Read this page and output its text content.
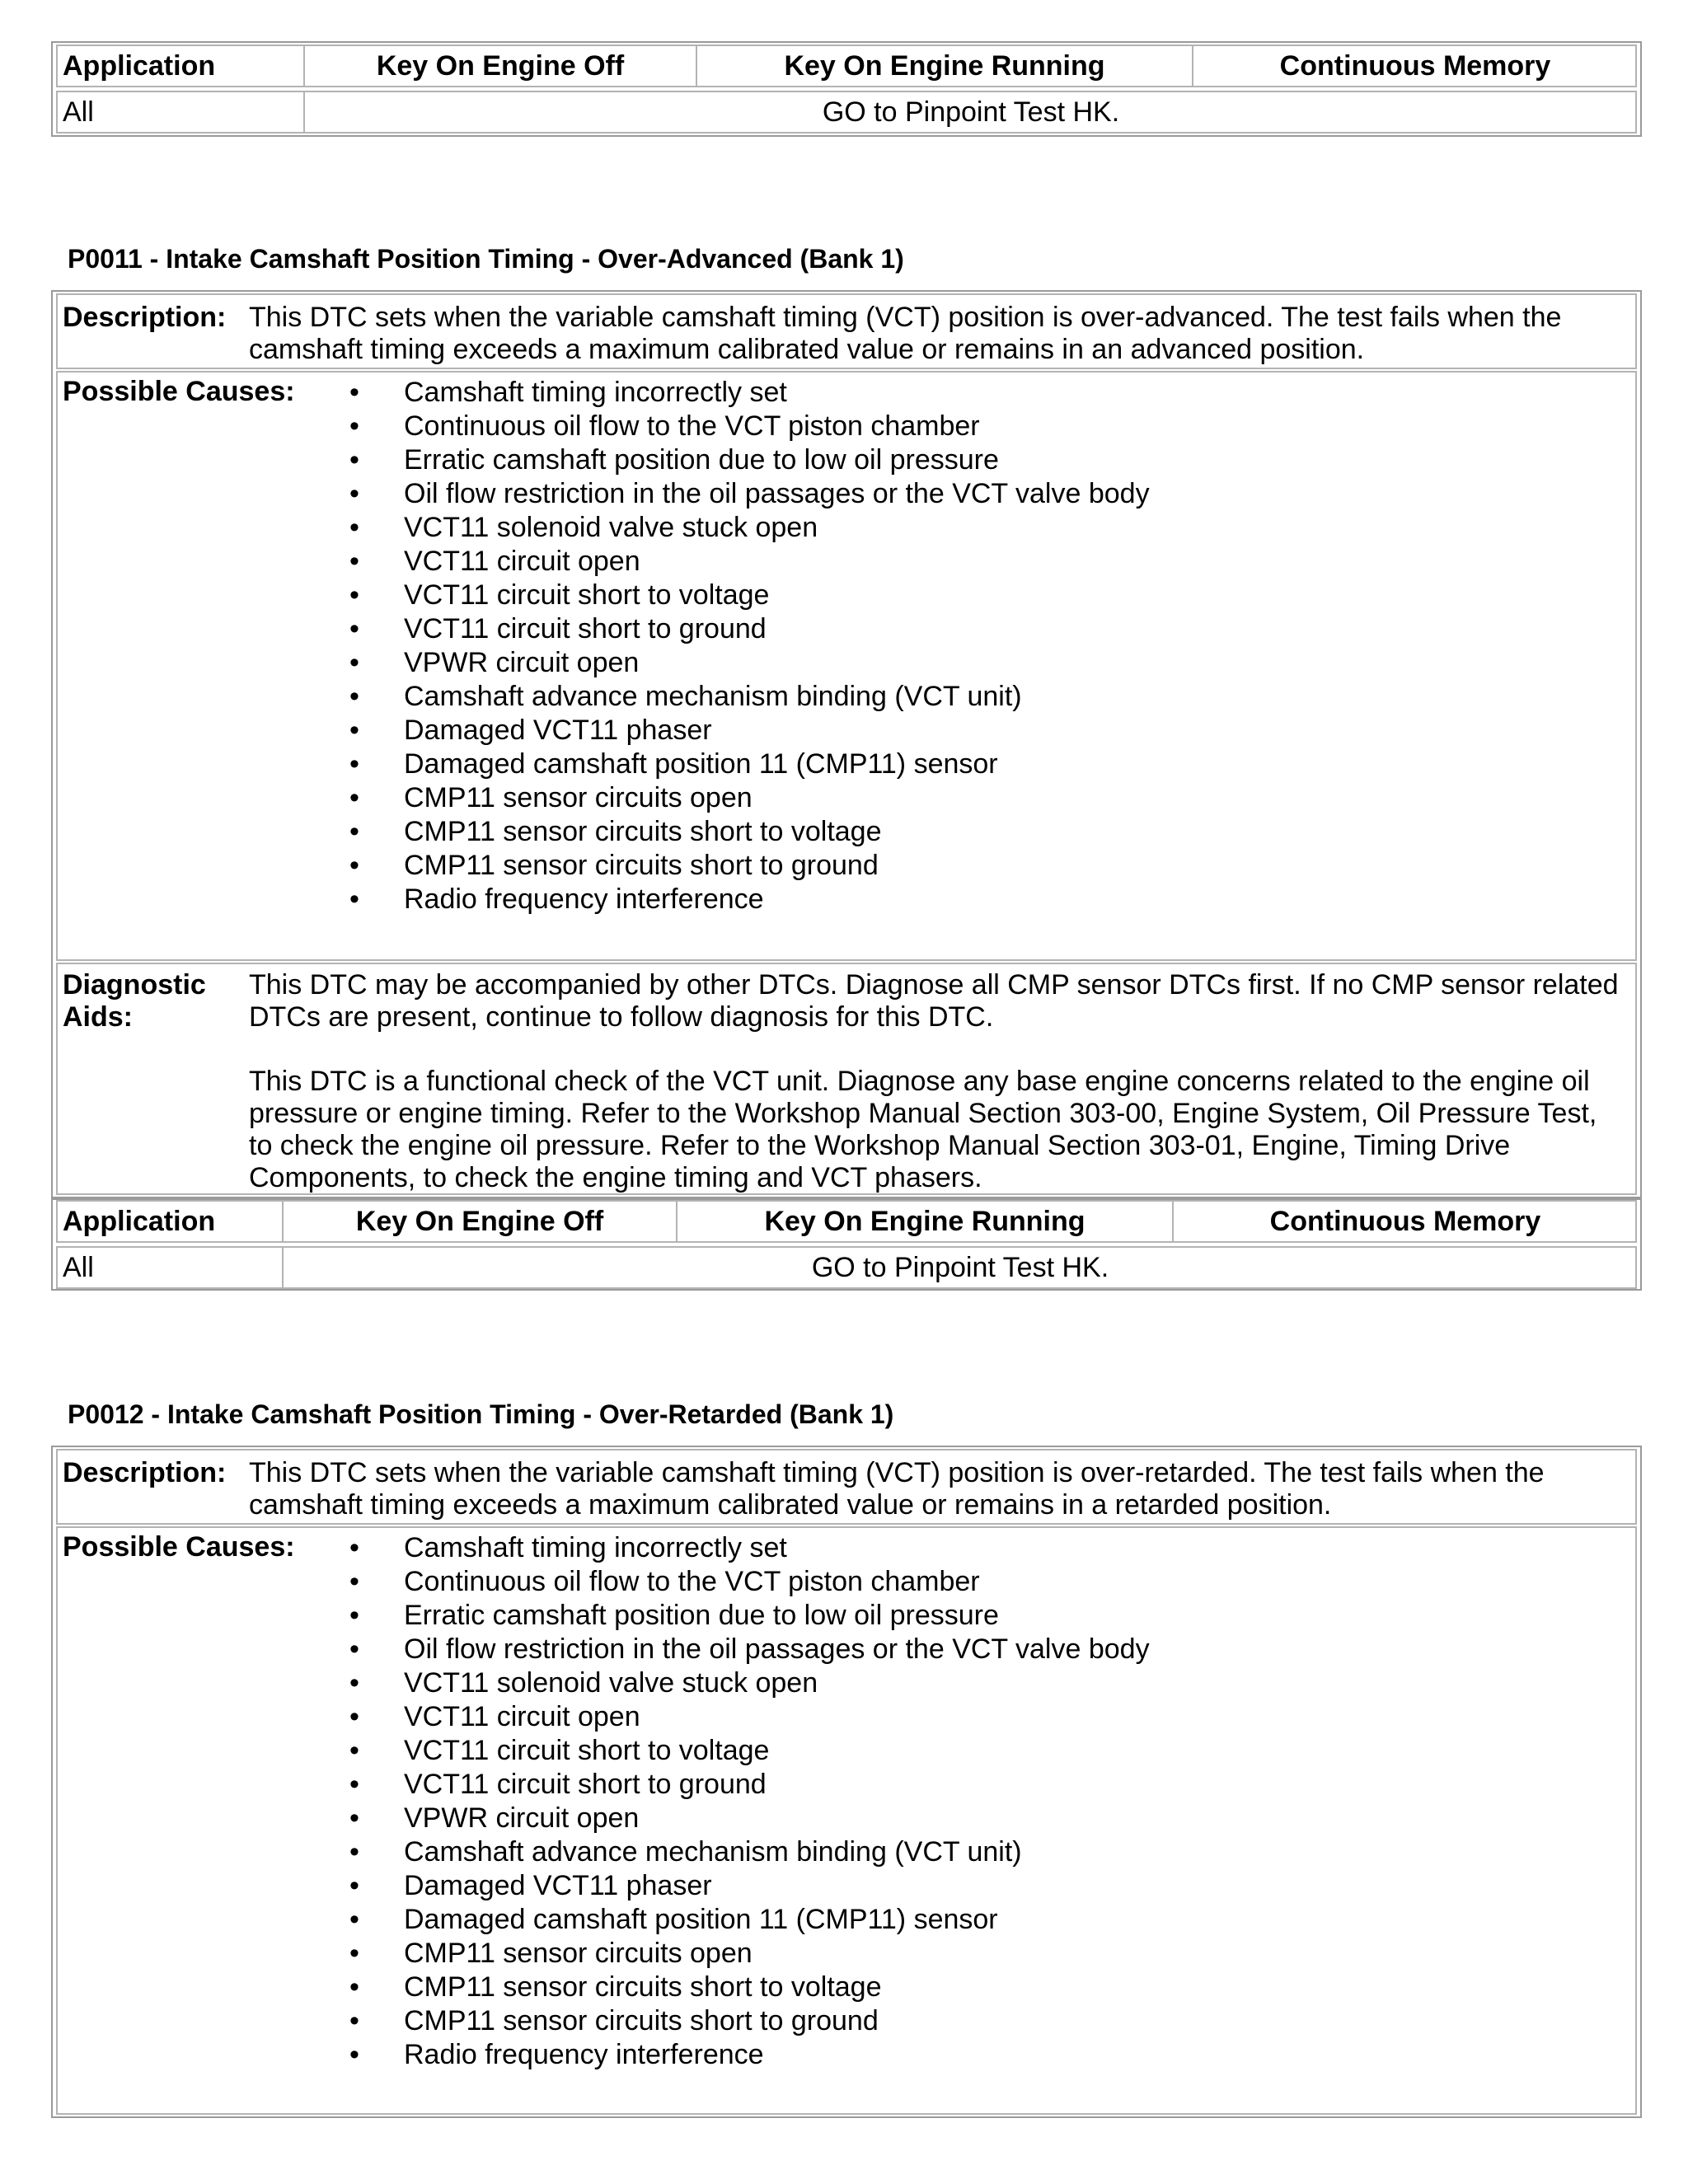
Application	Key On Engine Off	Key On Engine Running	Continuous Memory
All	GO to Pinpoint Test HK.
P0011 - Intake Camshaft Position Timing - Over-Advanced (Bank 1)
Description: This DTC sets when the variable camshaft timing (VCT) position is over-advanced. The test fails when the camshaft timing exceeds a maximum calibrated value or remains in an advanced position.
Possible Causes:	• Camshaft timing incorrectly set
• Continuous oil flow to the VCT piston chamber
• Erratic camshaft position due to low oil pressure
• Oil flow restriction in the oil passages or the VCT valve body
• VCT11 solenoid valve stuck open
• VCT11 circuit open
• VCT11 circuit short to voltage
• VCT11 circuit short to ground
• VPWR circuit open
• Camshaft advance mechanism binding (VCT unit)
• Damaged VCT11 phaser
• Damaged camshaft position 11 (CMP11) sensor
• CMP11 sensor circuits open
• CMP11 sensor circuits short to voltage
• CMP11 sensor circuits short to ground
• Radio frequency interference
Diagnostic Aids:
This DTC may be accompanied by other DTCs. Diagnose all CMP sensor DTCs first. If no CMP sensor related DTCs are present, continue to follow diagnosis for this DTC.
This DTC is a functional check of the VCT unit. Diagnose any base engine concerns related to the engine oil pressure or engine timing. Refer to the Workshop Manual Section 303-00, Engine System, Oil Pressure Test, to check the engine oil pressure. Refer to the Workshop Manual Section 303-01, Engine, Timing Drive Components, to check the engine timing and VCT phasers.
Application	Key On Engine Off	Key On Engine Running	Continuous Memory
All	GO to Pinpoint Test HK.
P0012 - Intake Camshaft Position Timing - Over-Retarded (Bank 1)
Description: This DTC sets when the variable camshaft timing (VCT) position is over-retarded. The test fails when the camshaft timing exceeds a maximum calibrated value or remains in a retarded position.
Possible Causes:	• Camshaft timing incorrectly set
• Continuous oil flow to the VCT piston chamber
• Erratic camshaft position due to low oil pressure
• Oil flow restriction in the oil passages or the VCT valve body
• VCT11 solenoid valve stuck open
• VCT11 circuit open
• VCT11 circuit short to voltage
• VCT11 circuit short to ground
• VPWR circuit open
• Camshaft advance mechanism binding (VCT unit)
• Damaged VCT11 phaser
• Damaged camshaft position 11 (CMP11) sensor
• CMP11 sensor circuits open
• CMP11 sensor circuits short to voltage
• CMP11 sensor circuits short to ground
• Radio frequency interference
